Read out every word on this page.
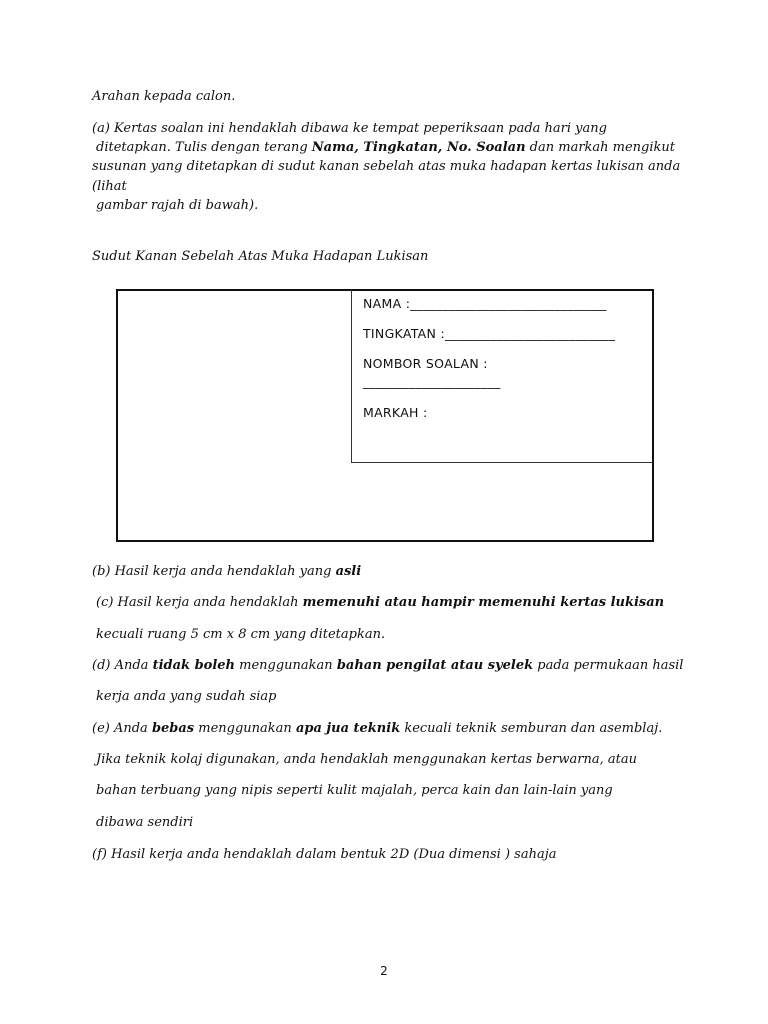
Arahan kepada calon.
(a) Kertas soalan ini hendaklah dibawa ke tempat peperiksaan pada hari yang
ditetapkan. Tulis dengan terang Nama, Tingkatan, No. Soalan dan markah mengikut
susunan yang ditetapkan di sudut kanan sebelah atas muka hadapan kertas lukisan anda
(lihat
gambar rajah di bawah).
Sudut Kanan Sebelah Atas Muka Hadapan Lukisan
NAMA :______________________________
TINGKATAN :__________________________
NOMBOR SOALAN :
_____________________
MARKAH :
(b) Hasil kerja anda hendaklah yang asli
(c) Hasil kerja anda hendaklah memenuhi atau hampir memenuhi kertas lukisan
kecuali ruang 5 cm x 8 cm yang ditetapkan.
(d) Anda tidak boleh menggunakan bahan pengilat atau syelek pada permukaan hasil
kerja anda yang sudah siap
(e) Anda bebas menggunakan apa jua teknik kecuali teknik semburan dan asemblaj.
Jika teknik kolaj digunakan, anda hendaklah menggunakan kertas berwarna, atau
bahan terbuang yang nipis seperti kulit majalah, perca kain dan lain-lain yang
dibawa sendiri
(f) Hasil kerja anda hendaklah dalam bentuk 2D (Dua dimensi ) sahaja
2
